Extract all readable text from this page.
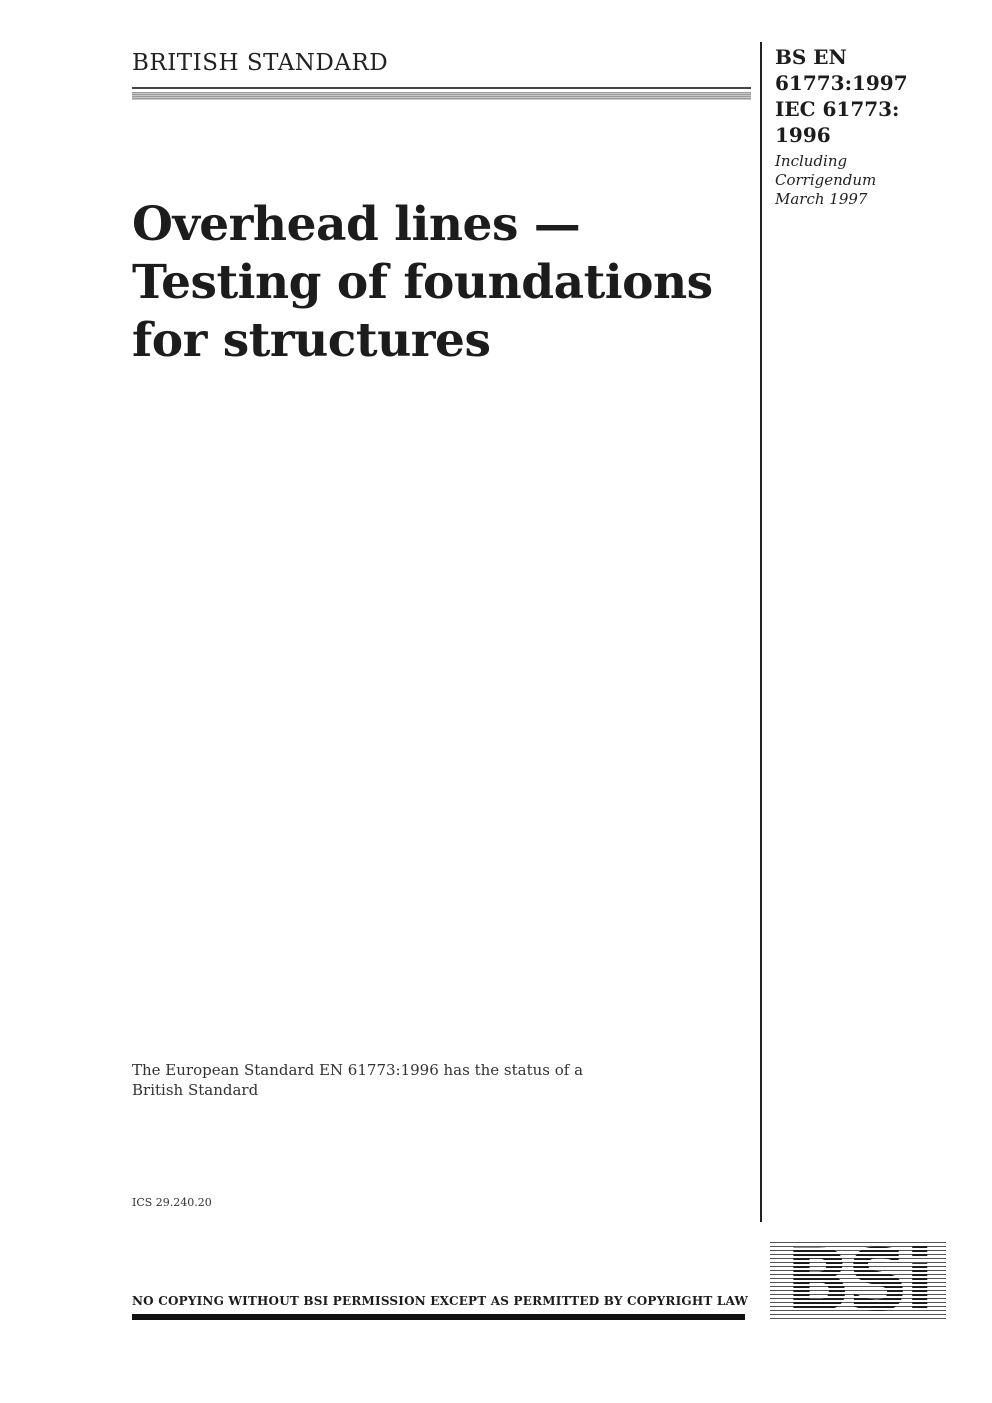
BRITISH STANDARD	BS EN
61773:1997
IEC 61773:
1996
Including
Corrigendum
March 1997
Overhead lines —
Testing of foundations
for structures
The European Standard EN 61773:1996 has the status of a
British Standard
ICS 29.240.20
NO COPYING WITHOUT BSI PERMISSION EXCEPT AS PERMITTED BY COPYRIGHT LAW BSi
